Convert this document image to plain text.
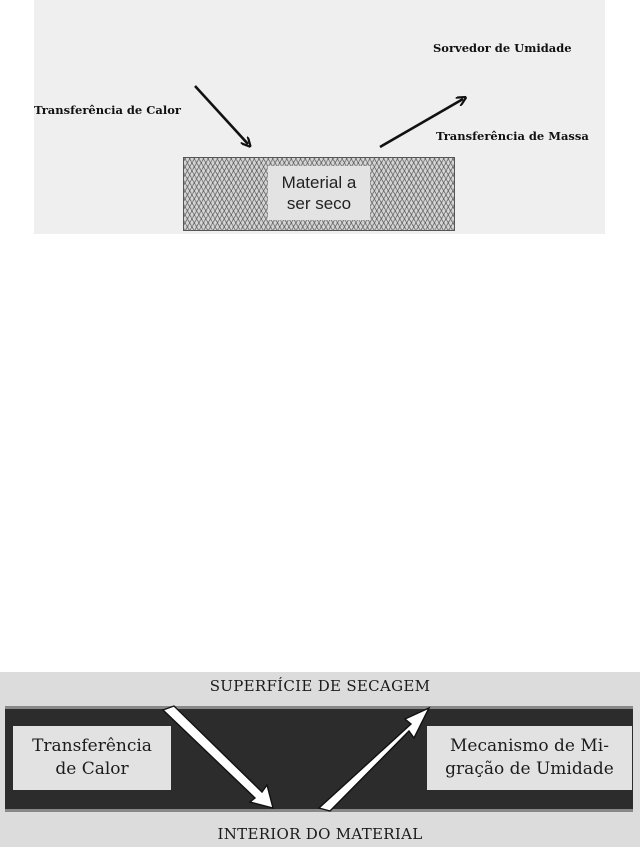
Sorvedor de Umidade
Transferência de Calor
Transferência de Massa
Material a
ser seco
SUPERFÍCIE DE SECAGEM
Transferência
de Calor
Mecanismo de Mi-
gração de Umidade
INTERIOR DO MATERIAL
